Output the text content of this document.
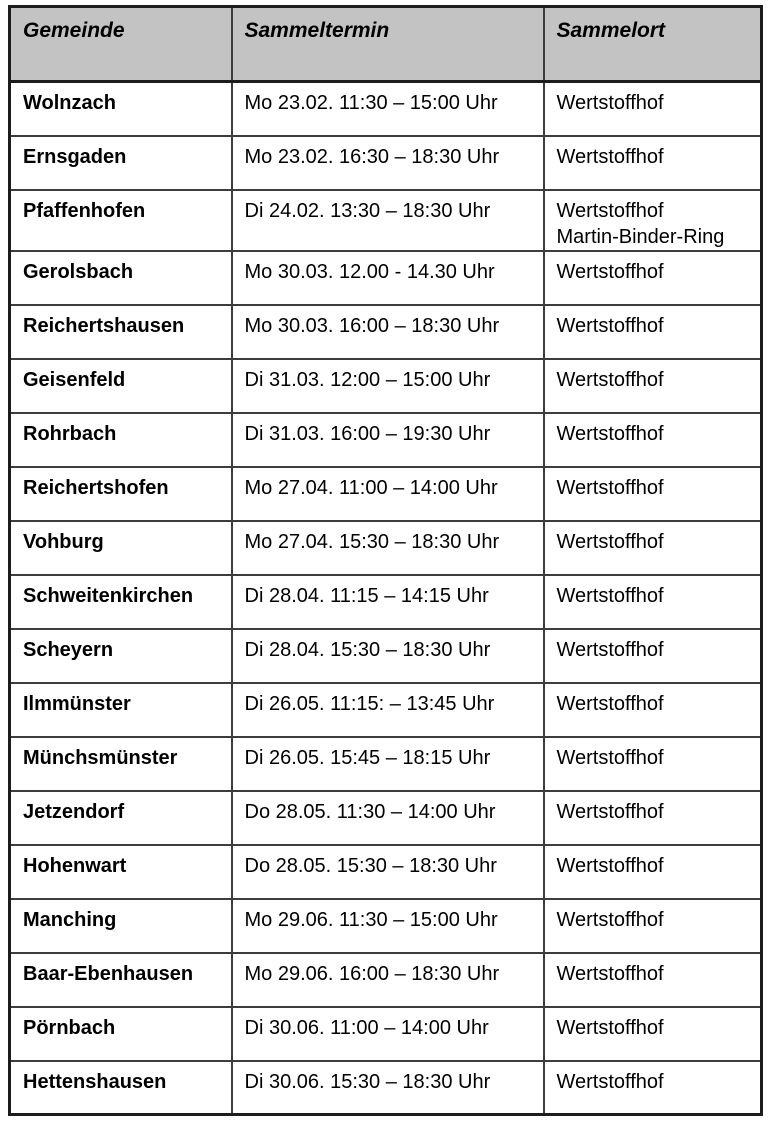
Gemeinde	Sammeltermin	Sammelort
Wolnzach	Mo 23.02. 11:30 – 15:00 Uhr	Wertstoffhof

Ernsgaden	Mo 23.02. 16:30 – 18:30 Uhr	Wertstoffhof

Pfaffenhofen	Di 24.02. 13:30 – 18:30 Uhr	Wertstoffhof
Martin-Binder-Ring

Gerolsbach	Mo 30.03. 12.00 - 14.30 Uhr	Wertstoffhof

Reichertshausen	Mo 30.03. 16:00 – 18:30 Uhr	Wertstoffhof

Geisenfeld	Di 31.03. 12:00 – 15:00 Uhr	Wertstoffhof

Rohrbach	Di 31.03. 16:00 – 19:30 Uhr	Wertstoffhof

Reichertshofen	Mo 27.04. 11:00 – 14:00 Uhr	Wertstoffhof

Vohburg	Mo 27.04. 15:30 – 18:30 Uhr	Wertstoffhof

Schweitenkirchen	Di 28.04. 11:15 – 14:15 Uhr	Wertstoffhof

Scheyern	Di 28.04. 15:30 – 18:30 Uhr	Wertstoffhof

Ilmmünster	Di 26.05. 11:15: – 13:45 Uhr	Wertstoffhof

Münchsmünster	Di 26.05. 15:45 – 18:15 Uhr	Wertstoffhof

Jetzendorf	Do 28.05. 11:30 – 14:00 Uhr	Wertstoffhof

Hohenwart	Do 28.05. 15:30 – 18:30 Uhr	Wertstoffhof

Manching	Mo 29.06. 11:30 – 15:00 Uhr	Wertstoffhof

Baar-Ebenhausen	Mo 29.06. 16:00 – 18:30 Uhr	Wertstoffhof

Pörnbach	Di 30.06. 11:00 – 14:00 Uhr	Wertstoffhof

Hettenshausen	Di 30.06. 15:30 – 18:30 Uhr	Wertstoffhof
